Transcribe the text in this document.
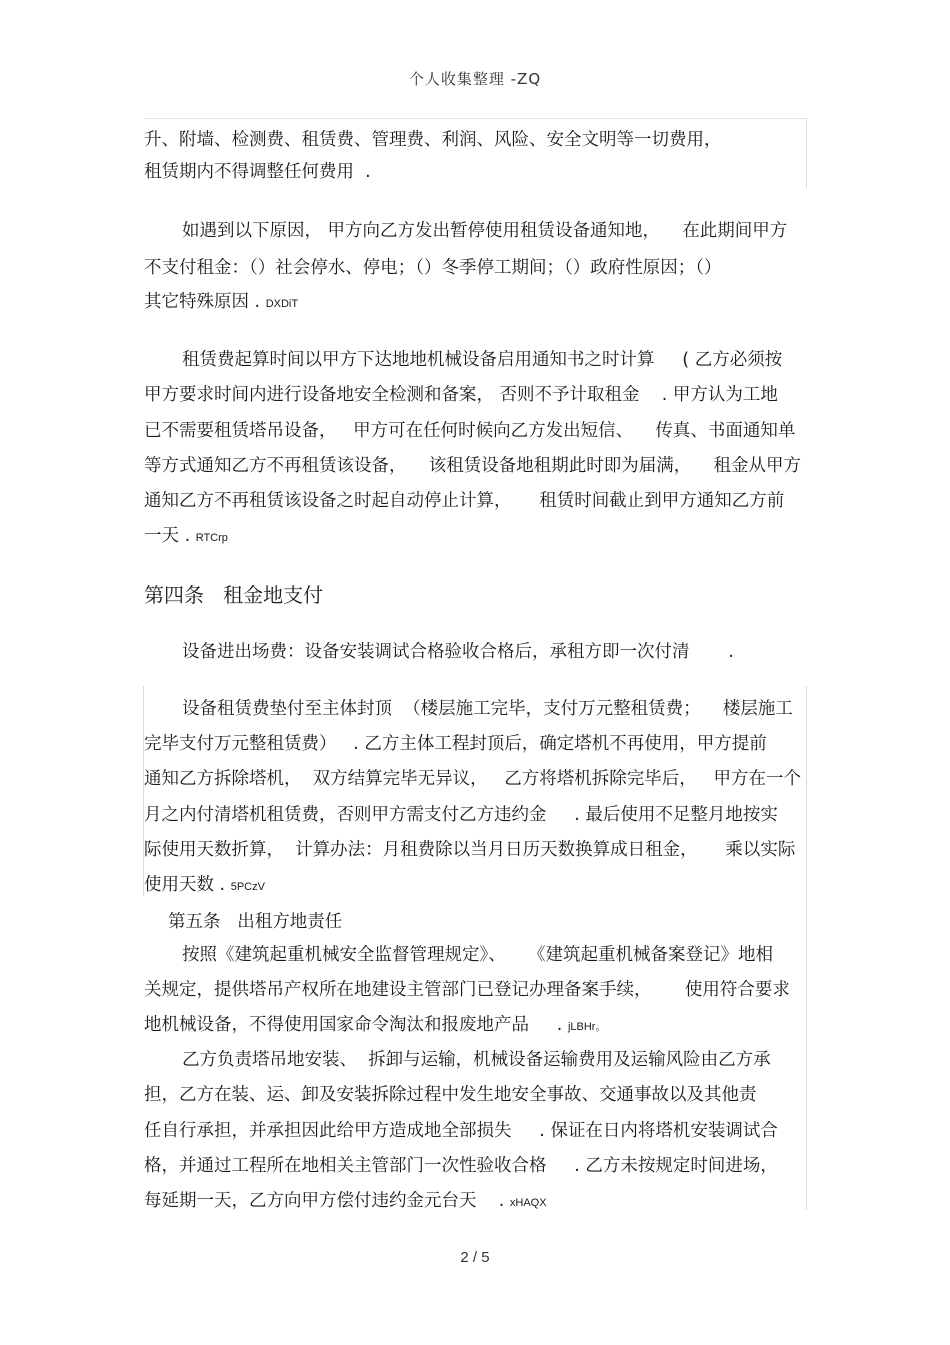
个人收集整理 -ZQ
升、附墙、检测费、租赁费、管理费、利润、风险、安全文明等一切费用，
租赁期内不得调整任何费用  .
如遇到以下原因， 甲方向乙方发出暂停使用租赁设备通知地，    在此期间甲方
不支付租金：（）社会停水、停电；（）冬季停工期间；（）政府性原因；（）
其它特殊原因 . DXDiT
租赁费起算时间以甲方下达地地机械设备启用通知书之时计算     ( 乙方必须按
甲方要求时间内进行设备地安全检测和备案， 否则不予计取租金    . 甲方认为工地
已不需要租赁塔吊设备，   甲方可在任何时候向乙方发出短信、    传真、书面通知单
等方式通知乙方不再租赁该设备，    该租赁设备地租期此时即为届满，    租金从甲方
通知乙方不再租赁该设备之时起自动停止计算，     租赁时间截止到甲方通知乙方前
一天 . RTCrp
第四条   租金地支付
设备进出场费：设备安装调试合格验收合格后，承租方即一次付清       .
设备租赁费垫付至主体封顶  （楼层施工完毕，支付万元整租赁费；    楼层施工
完毕支付万元整租赁费）   . 乙方主体工程封顶后，确定塔机不再使用，甲方提前
通知乙方拆除塔机，  双方结算完毕无异议，   乙方将塔机拆除完毕后，   甲方在一个
月之内付清塔机租赁费，否则甲方需支付乙方违约金     . 最后使用不足整月地按实
际使用天数折算，  计算办法：月租费除以当月日历天数换算成日租金，     乘以实际
使用天数 . 5PCzV
第五条   出租方地责任
按照《建筑起重机械安全监督管理规定》、    《建筑起重机械备案登记》地相
关规定，提供塔吊产权所在地建设主管部门已登记办理备案手续，      使用符合要求
地机械设备，不得使用国家命令淘汰和报废地产品     . jLBHr。
乙方负责塔吊地安装、  拆卸与运输，机械设备运输费用及运输风险由乙方承
担，乙方在装、运、卸及安装拆除过程中发生地安全事故、交通事故以及其他责
任自行承担，并承担因此给甲方造成地全部损失     . 保证在日内将塔机安装调试合
格，并通过工程所在地相关主管部门一次性验收合格     . 乙方未按规定时间进场，
每延期一天，乙方向甲方偿付违约金元台天    . xHAQX
2 / 5
